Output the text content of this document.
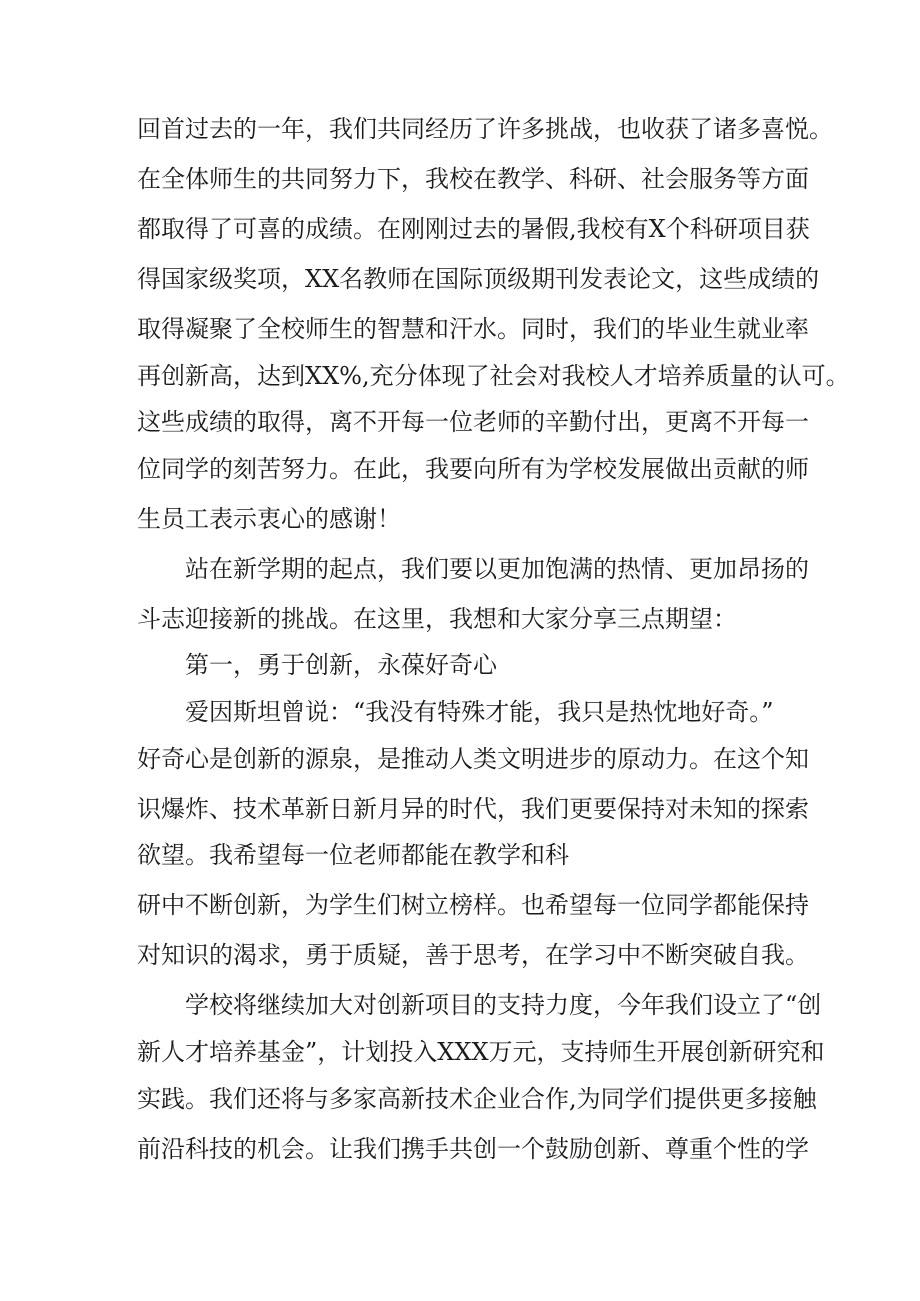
回首过去的一年，我们共同经历了许多挑战，也收获了诸多喜悦。
在全体师生的共同努力下，我校在教学、科研、社会服务等方面
都取得了可喜的成绩。在刚刚过去的暑假,我校有X个科研项目获
得国家级奖项，XX名教师在国际顶级期刊发表论文，这些成绩的
取得凝聚了全校师生的智慧和汗水。同时，我们的毕业生就业率
再创新高，达到XX%,充分体现了社会对我校人才培养质量的认可。
这些成绩的取得，离不开每一位老师的辛勤付出，更离不开每一
位同学的刻苦努力。在此，我要向所有为学校发展做出贡献的师
生员工表示衷心的感谢！
站在新学期的起点，我们要以更加饱满的热情、更加昂扬的
斗志迎接新的挑战。在这里，我想和大家分享三点期望：
第一，勇于创新，永葆好奇心
爱因斯坦曾说：“我没有特殊才能，我只是热忱地好奇。”
好奇心是创新的源泉，是推动人类文明进步的原动力。在这个知
识爆炸、技术革新日新月异的时代，我们更要保持对未知的探索
欲望。我希望每一位老师都能在教学和科
研中不断创新，为学生们树立榜样。也希望每一位同学都能保持
对知识的渴求，勇于质疑，善于思考，在学习中不断突破自我。
学校将继续加大对创新项目的支持力度，今年我们设立了“创
新人才培养基金”，计划投入XXX万元，支持师生开展创新研究和
实践。我们还将与多家高新技术企业合作,为同学们提供更多接触
前沿科技的机会。让我们携手共创一个鼓励创新、尊重个性的学
